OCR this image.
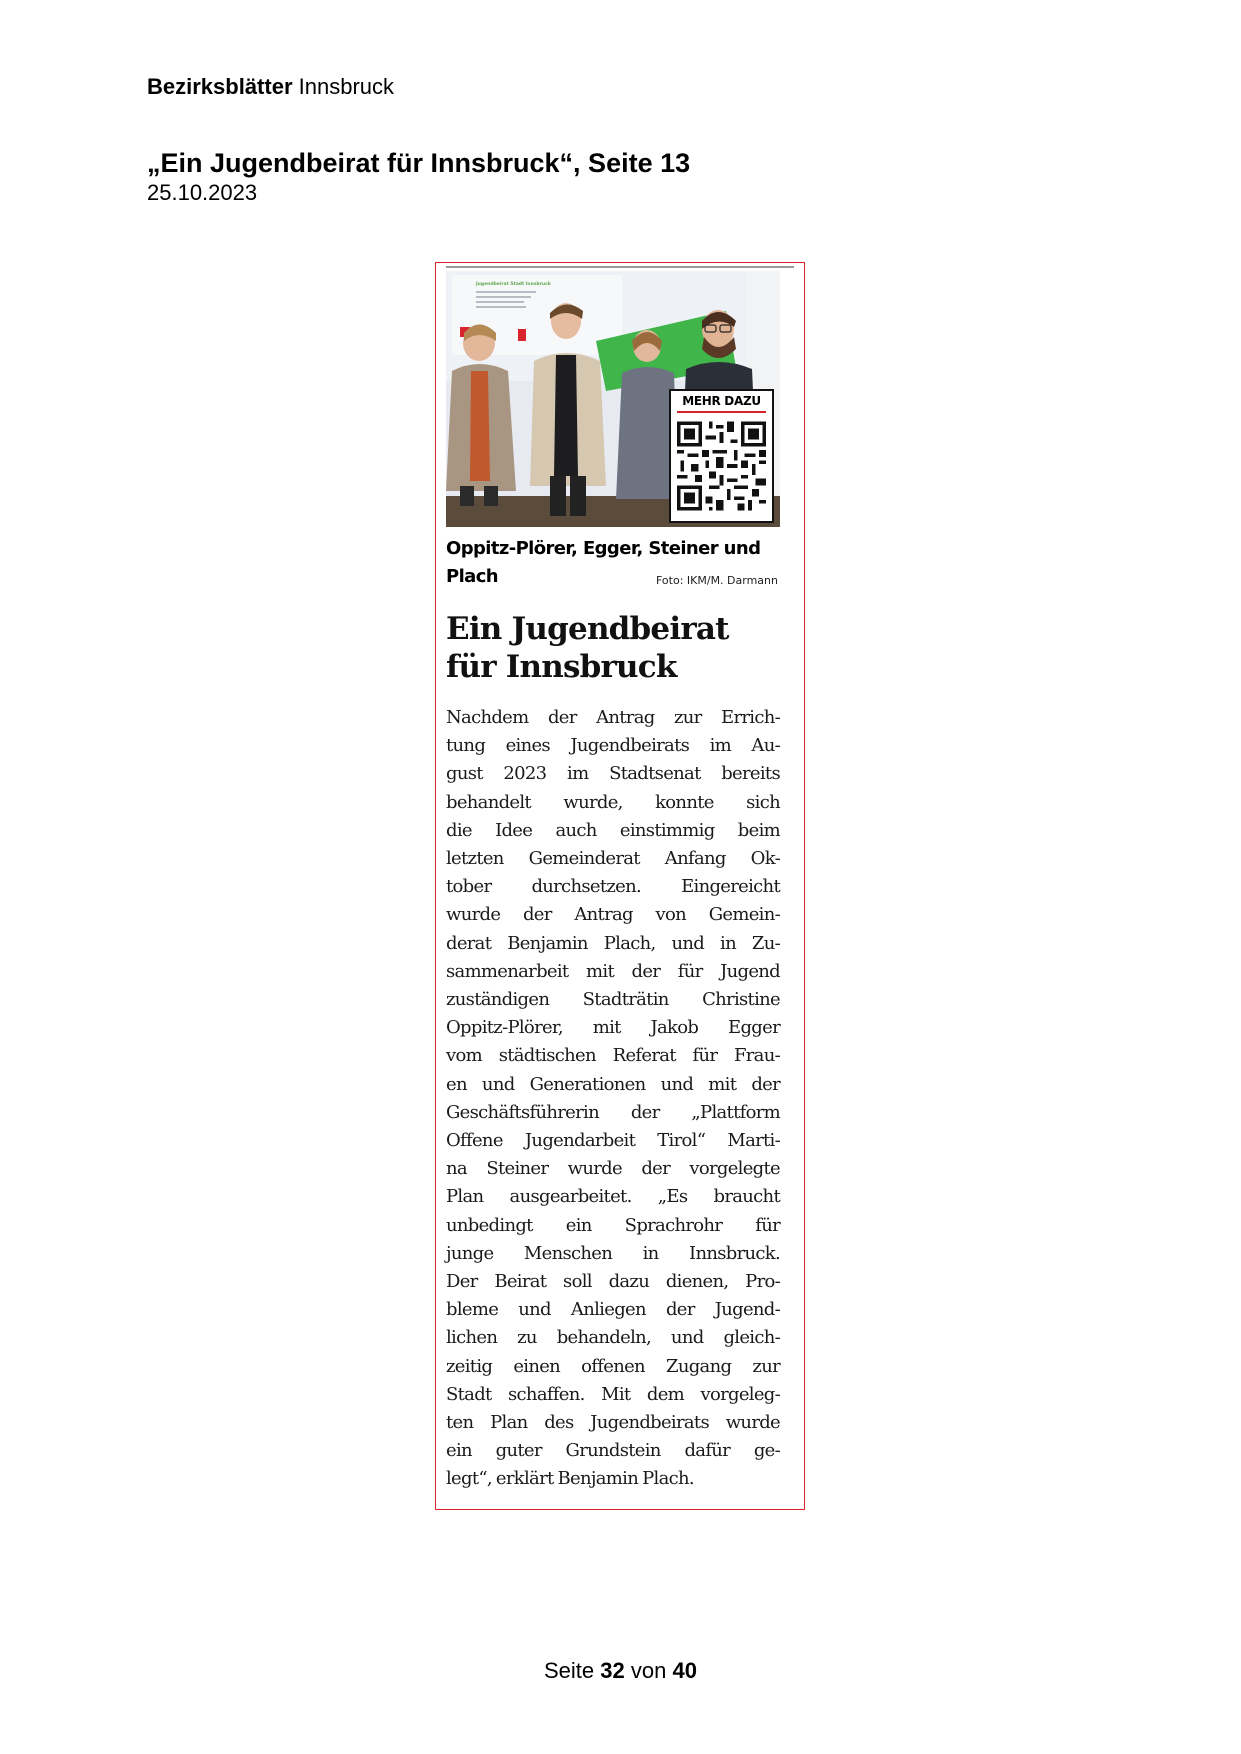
Bezirksblätter Innsbruck
„Ein Jugendbeirat für Innsbruck“, Seite 13
25.10.2023
Jugendbeirat Stadt Innsbruck
MEHR DAZU
Oppitz-Plörer, Egger, Steiner und Plach	Foto: IKM/M. Darmann
Ein Jugendbeirat
für Innsbruck
Nachdem der Antrag zur Errich-
tung eines Jugendbeirats im Au-
gust 2023 im Stadtsenat bereits
behandelt wurde, konnte sich
die Idee auch einstimmig beim
letzten Gemeinderat Anfang Ok-
tober durchsetzen. Eingereicht
wurde der Antrag von Gemein-
derat Benjamin Plach, und in Zu-
sammenarbeit mit der für Jugend
zuständigen Stadträtin Christine
Oppitz-Plörer, mit Jakob Egger
vom städtischen Referat für Frau-
en und Generationen und mit der
Geschäftsführerin der „Plattform
Offene Jugendarbeit Tirol“ Marti-
na Steiner wurde der vorgelegte
Plan ausgearbeitet. „Es braucht
unbedingt ein Sprachrohr für
junge Menschen in Innsbruck.
Der Beirat soll dazu dienen, Pro-
bleme und Anliegen der Jugend-
lichen zu behandeln, und gleich-
zeitig einen offenen Zugang zur
Stadt schaffen. Mit dem vorgeleg-
ten Plan des Jugendbeirats wurde
ein guter Grundstein dafür ge-
legt“, erklärt Benjamin Plach.
Seite 32 von 40
